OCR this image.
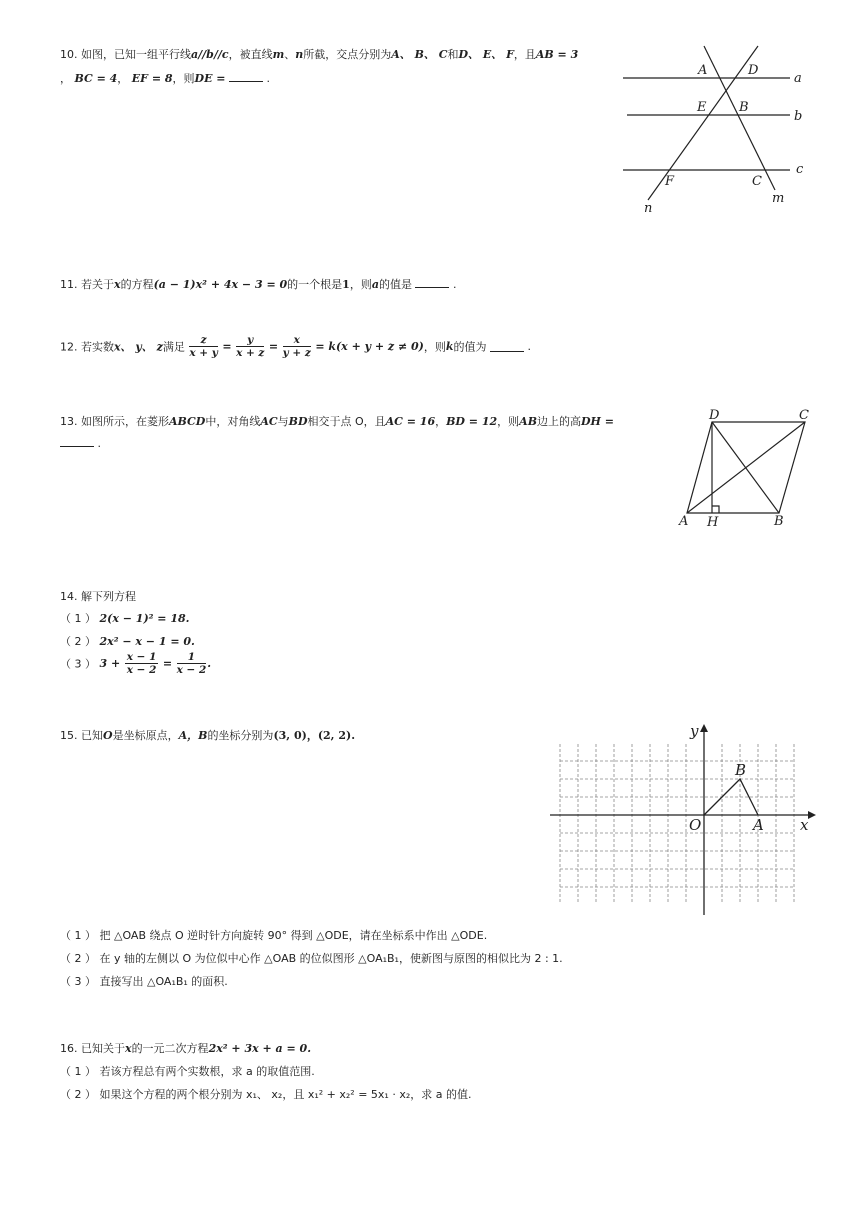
10. 如图，已知一组平行线a//b//c，被直线m、n所截，交点分别为A、 B、 C和D、 E、 F，且AB = 3
， BC = 4， EF = 8，则DE =	.
A	D
a
E	B
b
c
F	C
m
n
11. 若关于x的方程(a − 1)x² + 4x − 3 = 0的一个根是1，则a的值是	.
12. 若实数x、 y、 z满足 $\frac{z}{x + y} = \frac{y}{x + z} = \frac{x}{y + z} = k(x + y + z \ne 0)$，则k的值为	.
13. 如图所示，在菱形ABCD中，对角线AC与BD相交于点 O，且AC = 16，BD = 12，则AB边上的高DH =
.
D	C
A H	B
14. 解下列方程
（ 1 ） 2(x − 1)² = 18.
（ 2 ） 2x² − x − 1 = 0.
（ 3 ） $3 + \frac{x - 1}{x - 2} = \frac{1}{x - 2}$ .
15. 已知O是坐标原点，A，B的坐标分别为(3, 0)，(2, 2).	y
x
O	A
B
（ 1 ） 把 △OAB 绕点 O 逆时针方向旋转 90° 得到 △ODE，请在坐标系中作出 △ODE.
（ 2 ） 在 y 轴的左侧以 O 为位似中心作 △OAB 的位似图形 △OA₁B₁，使新图与原图的相似比为 2 : 1.
（ 3 ） 直接写出 △OA₁B₁ 的面积.
16. 已知关于x的一元二次方程2x² + 3x + a = 0.
（ 1 ） 若该方程总有两个实数根，求 a 的取值范围.
（ 2 ） 如果这个方程的两个根分别为 x₁、 x₂，且 x₁² + x₂² = 5x₁ · x₂，求 a 的值.
